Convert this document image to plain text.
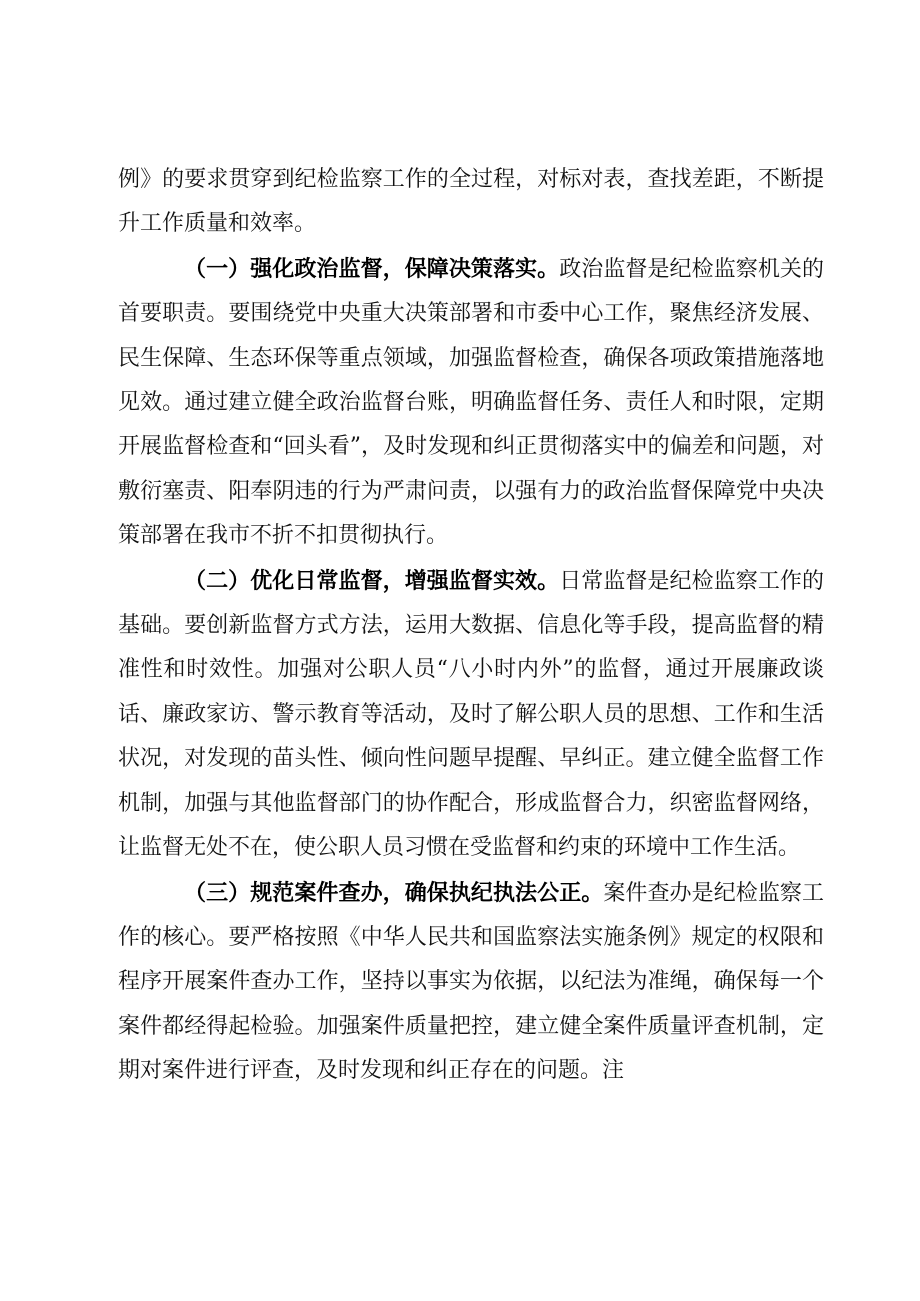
例》的要求贯穿到纪检监察工作的全过程，对标对表，查找差距，不断提升工作质量和效率。

（一）强化政治监督，保障决策落实。政治监督是纪检监察机关的首要职责。要围绕党中央重大决策部署和市委中心工作，聚焦经济发展、民生保障、生态环保等重点领域，加强监督检查，确保各项政策措施落地见效。通过建立健全政治监督台账，明确监督任务、责任人和时限，定期开展监督检查和“回头看”，及时发现和纠正贯彻落实中的偏差和问题，对敷衍塞责、阳奉阴违的行为严肃问责，以强有力的政治监督保障党中央决策部署在我市不折不扣贯彻执行。

（二）优化日常监督，增强监督实效。日常监督是纪检监察工作的基础。要创新监督方式方法，运用大数据、信息化等手段，提高监督的精准性和时效性。加强对公职人员“八小时内外”的监督，通过开展廉政谈话、廉政家访、警示教育等活动，及时了解公职人员的思想、工作和生活状况，对发现的苗头性、倾向性问题早提醒、早纠正。建立健全监督工作机制，加强与其他监督部门的协作配合，形成监督合力，织密监督网络，让监督无处不在，使公职人员习惯在受监督和约束的环境中工作生活。

（三）规范案件查办，确保执纪执法公正。案件查办是纪检监察工作的核心。要严格按照《中华人民共和国监察法实施条例》规定的权限和程序开展案件查办工作，坚持以事实为依据，以纪法为准绳，确保每一个案件都经得起检验。加强案件质量把控，建立健全案件质量评查机制，定期对案件进行评查，及时发现和纠正存在的问题。注
